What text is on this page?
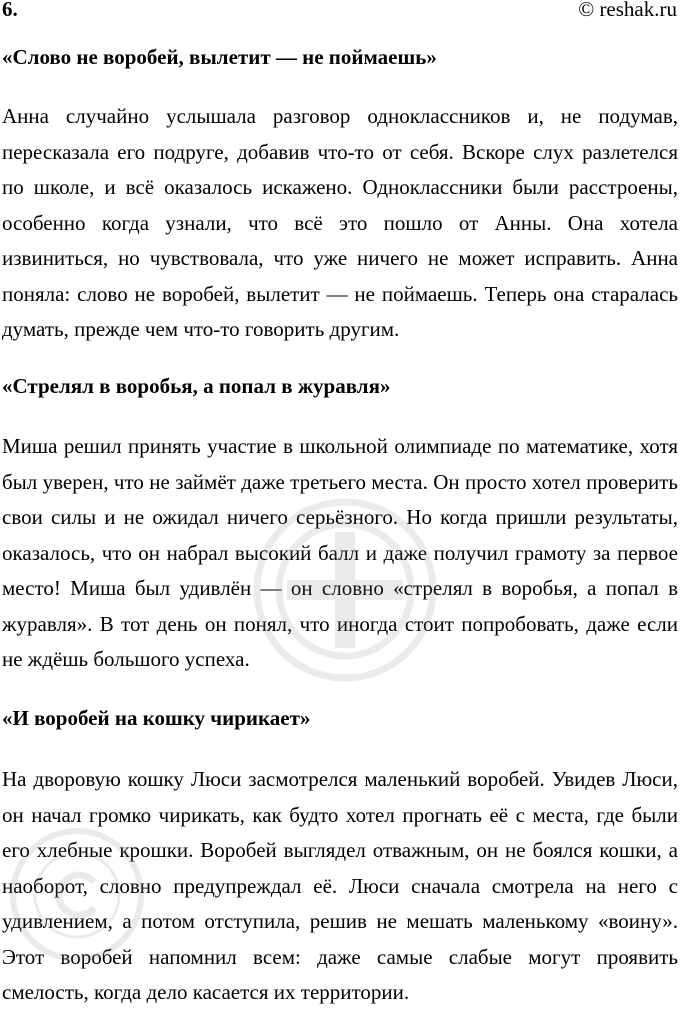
6.	© reshak.ru

«Слово не воробей, вылетит — не поймаешь»

Анна случайно услышала разговор одноклассников и, не подумав, пересказала его подруге, добавив что-то от себя. Вскоре слух разлетелся по школе, и всё оказалось искажено. Одноклассники были расстроены, особенно когда узнали, что всё это пошло от Анны. Она хотела извиниться, но чувствовала, что уже ничего не может исправить. Анна поняла: слово не воробей, вылетит — не поймаешь. Теперь она старалась думать, прежде чем что-то говорить другим.

«Стрелял в воробья, а попал в журавля»

Миша решил принять участие в школьной олимпиаде по математике, хотя был уверен, что не займёт даже третьего места. Он просто хотел проверить свои силы и не ожидал ничего серьёзного. Но когда пришли результаты, оказалось, что он набрал высокий балл и даже получил грамоту за первое место! Миша был удивлён — он словно «стрелял в воробья, а попал в журавля». В тот день он понял, что иногда стоит попробовать, даже если не ждёшь большого успеха.

«И воробей на кошку чирикает»

На дворовую кошку Люси засмотрелся маленький воробей. Увидев Люси, он начал громко чирикать, как будто хотел прогнать её с места, где были его хлебные крошки. Воробей выглядел отважным, он не боялся кошки, а наоборот, словно предупреждал её. Люси сначала смотрела на него с удивлением, а потом отступила, решив не мешать маленькому «воину». Этот воробей напомнил всем: даже самые слабые могут проявить смелость, когда дело касается их территории.
